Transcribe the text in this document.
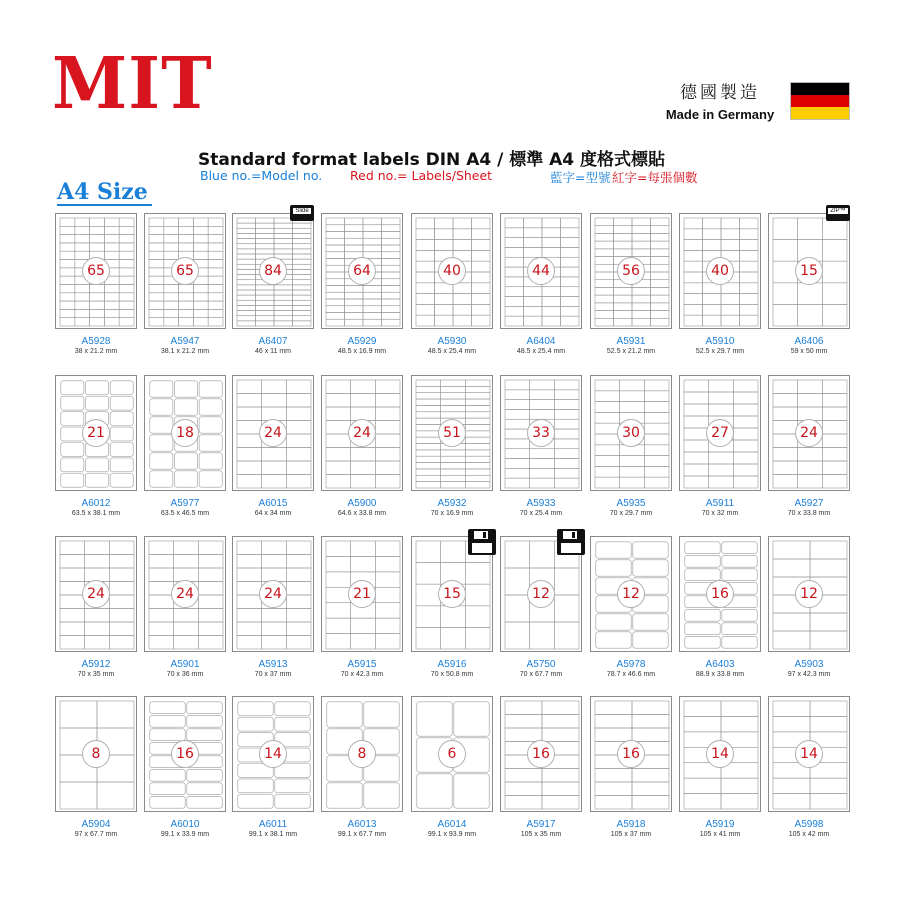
MIT	德國製造
Made in Germany
Standard format labels DIN A4 / 標準 A4 度格式標貼
Blue no.=Model no. Red no.= Labels/Sheet	藍字=型號 紅字=每張個數
A4 Size
65
A5928
38 x 21.2 mm
65
A5947
38.1 x 21.2 mm
84
A6407
46 x 11 mm
Slide
64
A5929
48.5 x 16.9 mm
40
A5930
48.5 x 25.4 mm
44
A6404
48.5 x 25.4 mm
56
A5931
52.5 x 21.2 mm
40
A5910
52.5 x 29.7 mm
15
A6406
59 x 50 mm
ZIP™
21
A6012
63.5 x 38.1 mm
18
A5977
63.5 x 46.5 mm
24
A6015
64 x 34 mm
24
A5900
64.6 x 33.8 mm
51
A5932
70 x 16.9 mm
33
A5933
70 x 25.4 mm
30
A5935
70 x 29.7 mm
27
A5911
70 x 32 mm
24
A5927
70 x 33.8 mm
24
A5912
70 x 35 mm
24
A5901
70 x 36 mm
24
A5913
70 x 37 mm
21
A5915
70 x 42.3 mm
15
A5916
70 x 50.8 mm
12
A5750
70 x 67.7 mm
12
A5978
78.7 x 46.6 mm
16
A6403
88.9 x 33.8 mm
12
A5903
97 x 42.3 mm
8
A5904
97 x 67.7 mm
16
A6010
99.1 x 33.9 mm
14
A6011
99.1 x 38.1 mm
8
A6013
99.1 x 67.7 mm
6
A6014
99.1 x 93.9 mm
16
A5917
105 x 35 mm
16
A5918
105 x 37 mm
14
A5919
105 x 41 mm
14
A5998
105 x 42 mm
